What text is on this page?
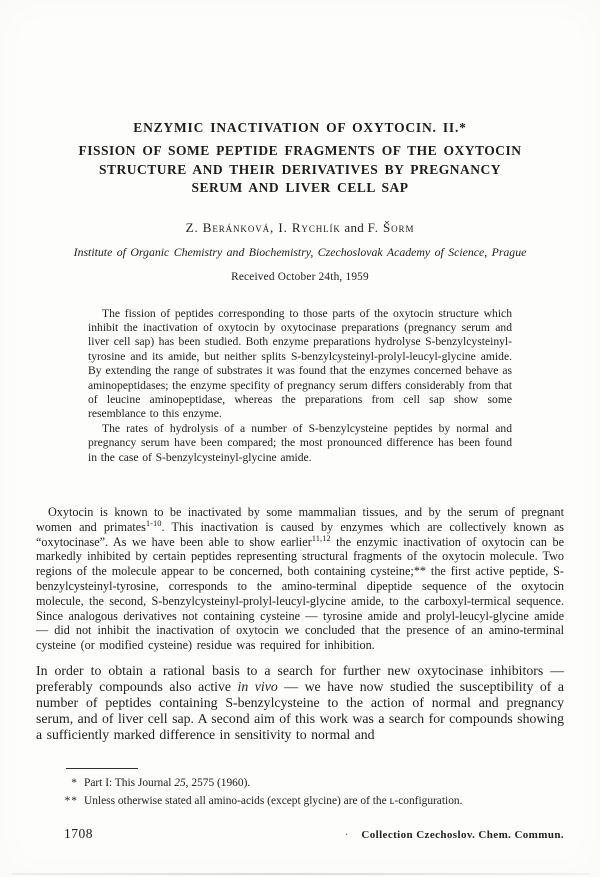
ENZYMIC INACTIVATION OF OXYTOCIN. II.*
FISSION OF SOME PEPTIDE FRAGMENTS OF THE OXYTOCIN STRUCTURE AND THEIR DERIVATIVES BY PREGNANCY SERUM AND LIVER CELL SAP
Z. Beránková, I. Rychlík and F. Šorm
Institute of Organic Chemistry and Biochemistry, Czechoslovak Academy of Science, Prague
Received October 24th, 1959

The fission of peptides corresponding to those parts of the oxytocin structure which inhibit the inactivation of oxytocin by oxytocinase preparations (pregnancy serum and liver cell sap) has been studied. Both enzyme preparations hydrolyse S-benzylcysteinyl-tyrosine and its amide, but neither splits S-benzylcysteinyl-prolyl-leucyl-glycine amide. By extending the range of substrates it was found that the enzymes concerned behave as aminopeptidases; the enzyme specifity of pregnancy serum differs considerably from that of leucine aminopeptidase, whereas the preparations from cell sap show some resemblance to this enzyme.

The rates of hydrolysis of a number of S-benzylcysteine peptides by normal and pregnancy serum have been compared; the most pronounced difference has been found in the case of S-benzylcysteinyl-glycine amide.

Oxytocin is known to be inactivated by some mammalian tissues, and by the serum of pregnant women and primates$^{1-10}$. This inactivation is caused by enzymes which are collectively known as “oxytocinase”. As we have been able to show earlier$^{11,12}$ the enzymic inactivation of oxytocin can be markedly inhibited by certain peptides representing structural fragments of the oxytocin molecule. Two regions of the molecule appear to be concerned, both containing cysteine;** the first active peptide, S-benzylcysteinyl-tyrosine, corresponds to the amino-terminal dipeptide sequence of the oxytocin molecule, the second, S-benzylcysteinyl-prolyl-leucyl-glycine amide, to the carboxyl-termical sequence. Since analogous derivatives not containing cysteine — tyrosine amide and prolyl-leucyl-glycine amide — did not inhibit the inactivation of oxytocin we concluded that the presence of an amino-terminal cysteine (or modified cysteine) residue was required for inhibition.

In order to obtain a rational basis to a search for further new oxytocinase inhibitors — preferably compounds also active in vivo — we have now studied the susceptibility of a number of peptides containing S-benzylcysteine to the action of normal and pregnancy serum, and of liver cell sap. A second aim of this work was a search for compounds showing a sufficiently marked difference in sensitivity to normal and

* Part I: This Journal 25, 2575 (1960).
** Unless otherwise stated all amino-acids (except glycine) are of the ʟ-configuration.
1708	· Collection Czechoslov. Chem. Commun.
